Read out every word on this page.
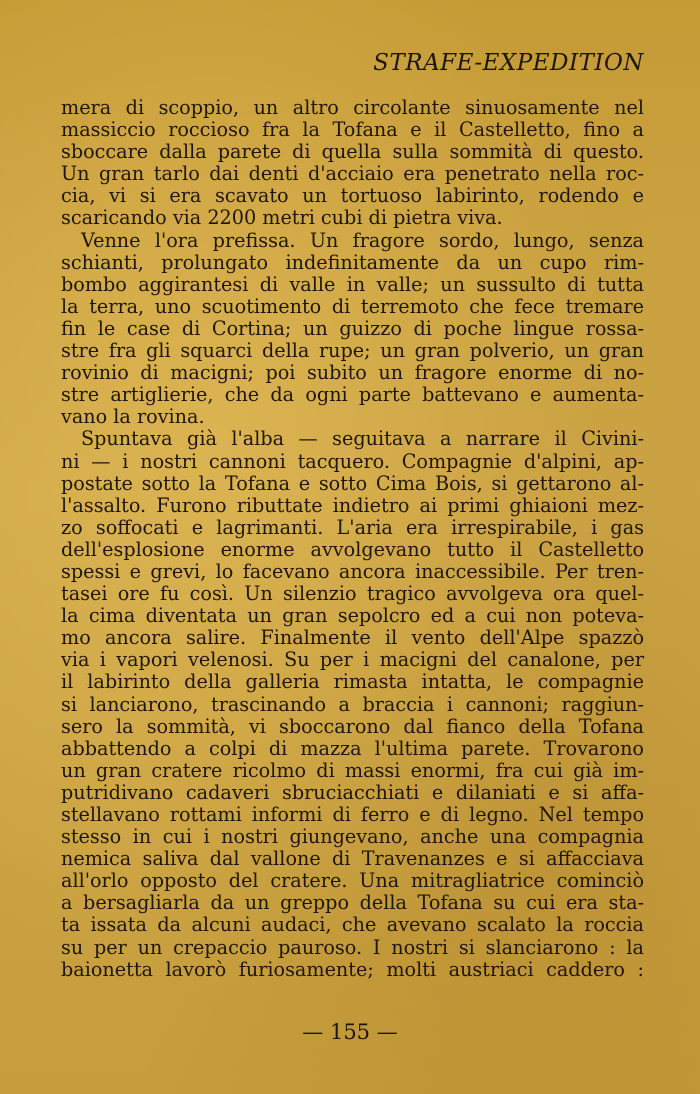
STRAFE-EXPEDITION
mera di scoppio, un altro circolante sinuosamente nel
massiccio roccioso fra la Tofana e il Castelletto, fino a
sboccare dalla parete di quella sulla sommità di questo.
Un gran tarlo dai denti d'acciaio era penetrato nella roc-
cia, vi si era scavato un tortuoso labirinto, rodendo e
scaricando via 2200 metri cubi di pietra viva.
Venne l'ora prefissa. Un fragore sordo, lungo, senza
schianti, prolungato indefinitamente da un cupo rim-
bombo aggirantesi di valle in valle; un sussulto di tutta
la terra, uno scuotimento di terremoto che fece tremare
fin le case di Cortina; un guizzo di poche lingue rossa-
stre fra gli squarci della rupe; un gran polverio, un gran
rovinio di macigni; poi subito un fragore enorme di no-
stre artiglierie, che da ogni parte battevano e aumenta-
vano la rovina.
Spuntava già l'alba — seguitava a narrare il Civini-
ni — i nostri cannoni tacquero. Compagnie d'alpini, ap-
postate sotto la Tofana e sotto Cima Bois, si gettarono al-
l'assalto. Furono ributtate indietro ai primi ghiaioni mez-
zo soffocati e lagrimanti. L'aria era irrespirabile, i gas
dell'esplosione enorme avvolgevano tutto il Castelletto
spessi e grevi, lo facevano ancora inaccessibile. Per tren-
tasei ore fu così. Un silenzio tragico avvolgeva ora quel-
la cima diventata un gran sepolcro ed a cui non poteva-
mo ancora salire. Finalmente il vento dell'Alpe spazzò
via i vapori velenosi. Su per i macigni del canalone, per
il labirinto della galleria rimasta intatta, le compagnie
si lanciarono, trascinando a braccia i cannoni; raggiun-
sero la sommità, vi sboccarono dal fianco della Tofana
abbattendo a colpi di mazza l'ultima parete. Trovarono
un gran cratere ricolmo di massi enormi, fra cui già im-
putridivano cadaveri sbruciacchiati e dilaniati e si affa-
stellavano rottami informi di ferro e di legno. Nel tempo
stesso in cui i nostri giungevano, anche una compagnia
nemica saliva dal vallone di Travenanzes e si affacciava
all'orlo opposto del cratere. Una mitragliatrice cominciò
a bersagliarla da un greppo della Tofana su cui era sta-
ta issata da alcuni audaci, che avevano scalato la roccia
su per un crepaccio pauroso. I nostri si slanciarono : la
baionetta lavorò furiosamente; molti austriaci caddero :
— 155 —
